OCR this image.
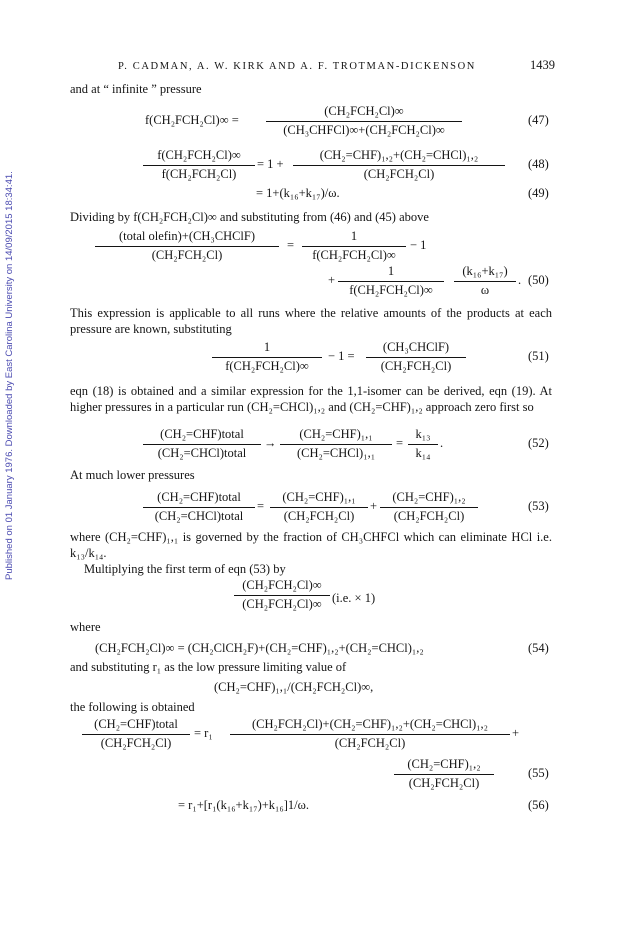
P. CADMAN, A. W. KIRK AND A. F. TROTMAN-DICKENSON	1439
Published on 01 January 1976. Downloaded by East Carolina University on 14/09/2015 18:34:41.
and at “ infinite ” pressure
f(CH₂FCH₂Cl)∞ =
(CH₂FCH₂Cl)∞
(CH₃CHFCl)∞+(CH₂FCH₂Cl)∞
(47)
f(CH₂FCH₂Cl)∞
f(CH₂FCH₂Cl)
= 1 +
(CH₂=CHF)₁,₂+(CH₂=CHCl)₁,₂
(CH₂FCH₂Cl)
(48)
= 1+(k₁₆+k₁₇)/ω.	(49)
Dividing by f(CH₂FCH₂Cl)∞ and substituting from (46) and (45) above
(total olefin)+(CH₃CHClF)
(CH₂FCH₂Cl)
=
1
f(CH₂FCH₂Cl)∞
− 1
+
1
f(CH₂FCH₂Cl)∞	$\frac{\text{(k₁₆+k₁₇)}}{\omega}$ . (50)
This expression is applicable to all runs where the relative amounts of the products at each pressure are known, substituting
1
f(CH₂FCH₂Cl)∞
− 1 =
(CH₃CHClF)
(CH₂FCH₂Cl)
(51)
eqn (18) is obtained and a similar expression for the 1,1-isomer can be derived, eqn (19). At higher pressures in a particular run (CH₂=CHCl)₁,₂ and (CH₂=CHF)₁,₂ approach zero first so
(CH₂=CHF)total
(CH₂=CHCl)total
→
(CH₂=CHF)₁,₁
(CH₂=CHCl)₁,₁
= $\frac{\text{k₁₃}}{\text{k₁₄}}$ .	(52)
At much lower pressures
(CH₂=CHF)total
(CH₂=CHCl)total
=
(CH₂=CHF)₁,₁
(CH₂FCH₂Cl)
+
(CH₂=CHF)₁,₂
(CH₂FCH₂Cl)
(53)
where (CH₂=CHF)₁,₁ is governed by the fraction of CH₃CHFCl which can eliminate HCl i.e. k₁₃/k₁₄.
Multiplying the first term of eqn (53) by
(CH₂FCH₂Cl)∞
(CH₂FCH₂Cl)∞ (i.e. × 1)
where
(CH₂FCH₂Cl)∞ = (CH₂ClCH₂F)+(CH₂=CHF)₁,₂+(CH₂=CHCl)₁,₂	(54)
and substituting r₁ as the low pressure limiting value of
(CH₂=CHF)₁,₁/(CH₂FCH₂Cl)∞,
the following is obtained
(CH₂=CHF)total
(CH₂FCH₂Cl)
= r₁
(CH₂FCH₂Cl)+(CH₂=CHF)₁,₂+(CH₂=CHCl)₁,₂
(CH₂FCH₂Cl)
+
(CH₂=CHF)₁,₂
(CH₂FCH₂Cl)
(55)
= r₁+[r₁(k₁₆+k₁₇)+k₁₆]1/ω.	(56)
